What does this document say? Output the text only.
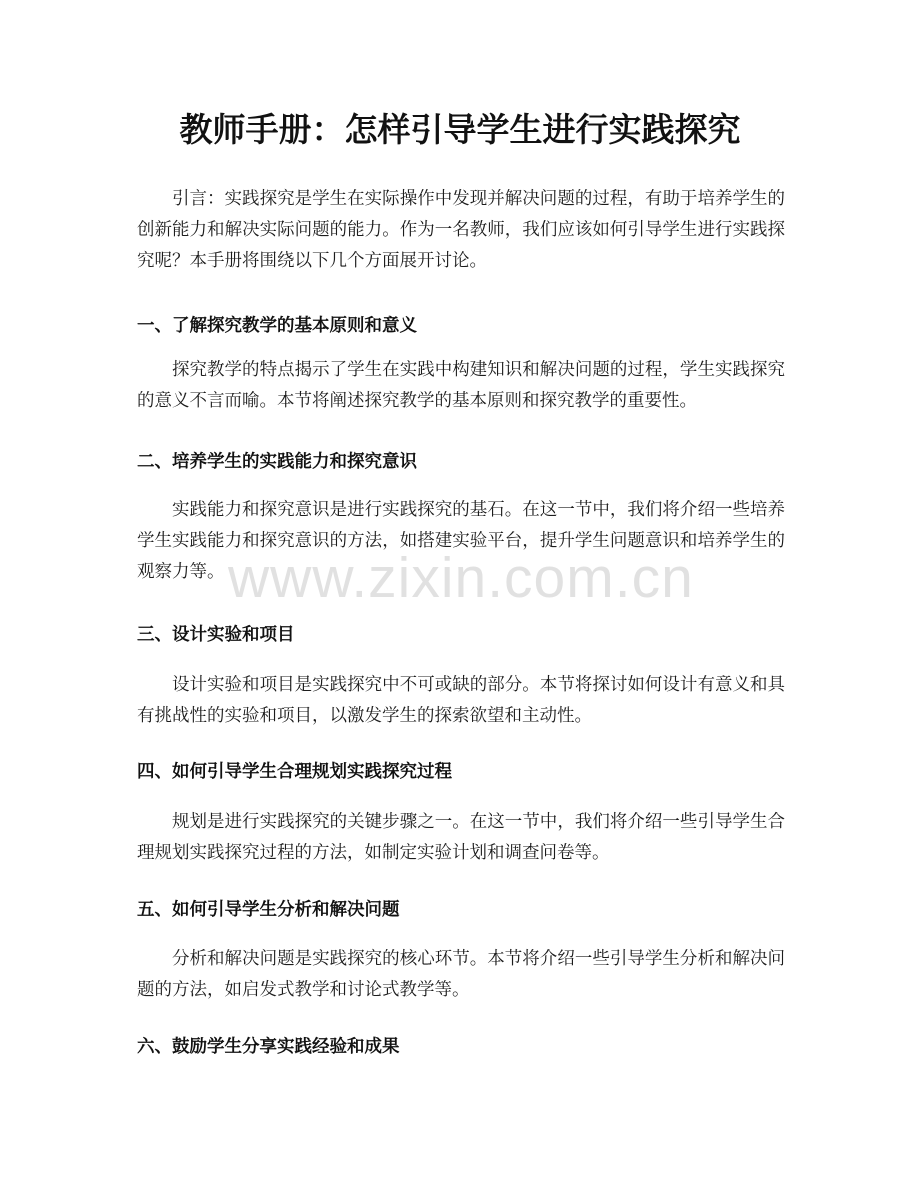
教师手册：怎样引导学生进行实践探究

引言：实践探究是学生在实际操作中发现并解决问题的过程，有助于培养学生的创新能力和解决实际问题的能力。作为一名教师，我们应该如何引导学生进行实践探究呢？本手册将围绕以下几个方面展开讨论。

一、了解探究教学的基本原则和意义

探究教学的特点揭示了学生在实践中构建知识和解决问题的过程，学生实践探究的意义不言而喻。本节将阐述探究教学的基本原则和探究教学的重要性。

二、培养学生的实践能力和探究意识

实践能力和探究意识是进行实践探究的基石。在这一节中，我们将介绍一些培养学生实践能力和探究意识的方法，如搭建实验平台，提升学生问题意识和培养学生的观察力等。

三、设计实验和项目

设计实验和项目是实践探究中不可或缺的部分。本节将探讨如何设计有意义和具有挑战性的实验和项目，以激发学生的探索欲望和主动性。

四、如何引导学生合理规划实践探究过程

规划是进行实践探究的关键步骤之一。在这一节中，我们将介绍一些引导学生合理规划实践探究过程的方法，如制定实验计划和调查问卷等。

五、如何引导学生分析和解决问题

分析和解决问题是实践探究的核心环节。本节将介绍一些引导学生分析和解决问题的方法，如启发式教学和讨论式教学等。

六、鼓励学生分享实践经验和成果
www.zixin.com.cn
